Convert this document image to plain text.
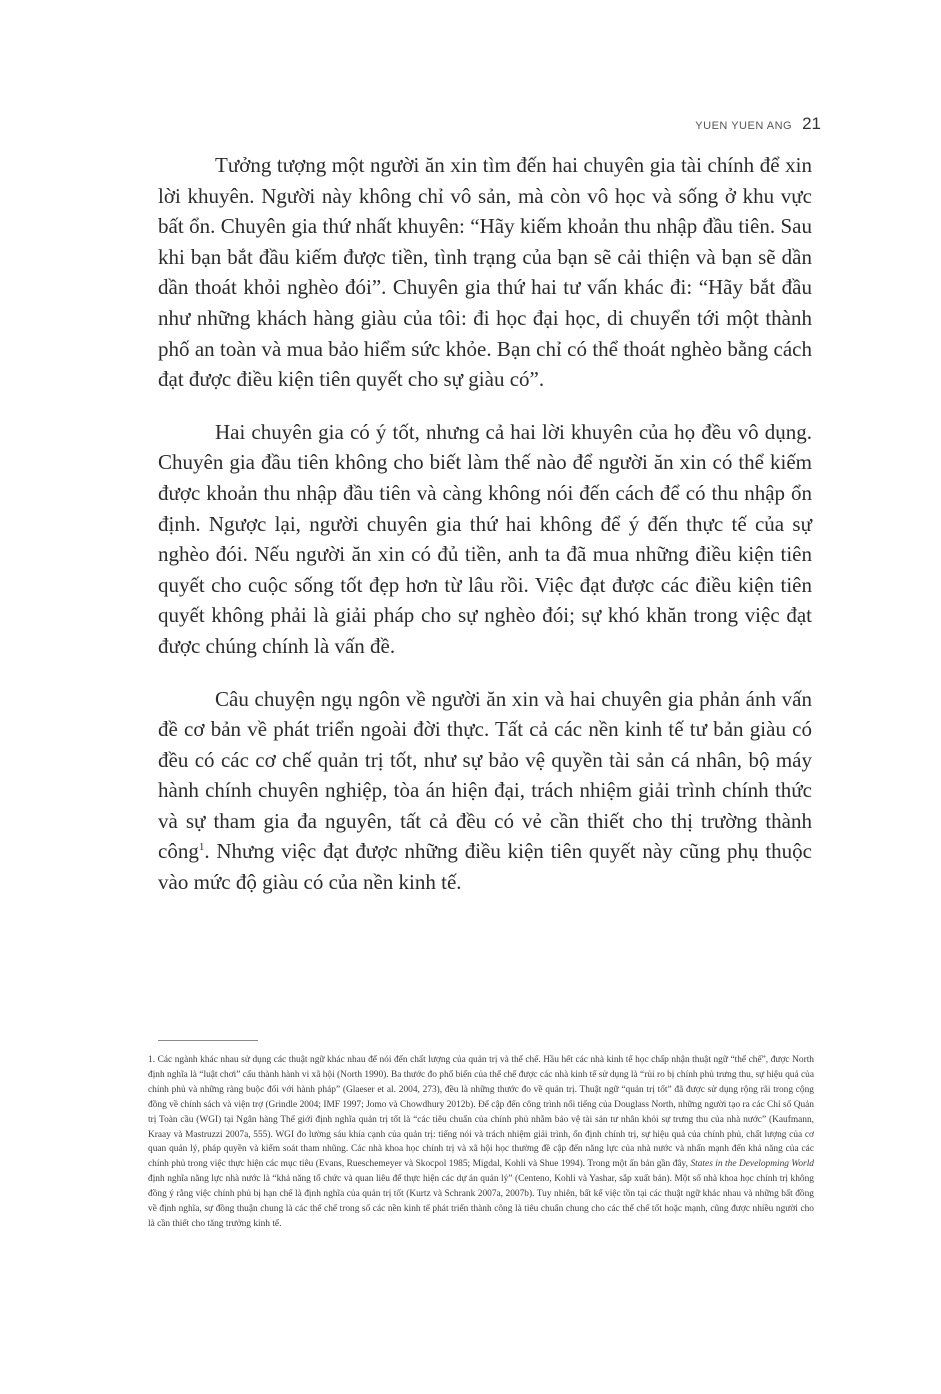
YUEN YUEN ANG 21

Tưởng tượng một người ăn xin tìm đến hai chuyên gia tài chính để xin lời khuyên. Người này không chỉ vô sản, mà còn vô học và sống ở khu vực bất ổn. Chuyên gia thứ nhất khuyên: “Hãy kiếm khoản thu nhập đầu tiên. Sau khi bạn bắt đầu kiếm được tiền, tình trạng của bạn sẽ cải thiện và bạn sẽ dần dần thoát khỏi nghèo đói”. Chuyên gia thứ hai tư vấn khác đi: “Hãy bắt đầu như những khách hàng giàu của tôi: đi học đại học, di chuyển tới một thành phố an toàn và mua bảo hiểm sức khỏe. Bạn chỉ có thể thoát nghèo bằng cách đạt được điều kiện tiên quyết cho sự giàu có”.

Hai chuyên gia có ý tốt, nhưng cả hai lời khuyên của họ đều vô dụng. Chuyên gia đầu tiên không cho biết làm thế nào để người ăn xin có thể kiếm được khoản thu nhập đầu tiên và càng không nói đến cách để có thu nhập ổn định. Ngược lại, người chuyên gia thứ hai không để ý đến thực tế của sự nghèo đói. Nếu người ăn xin có đủ tiền, anh ta đã mua những điều kiện tiên quyết cho cuộc sống tốt đẹp hơn từ lâu rồi. Việc đạt được các điều kiện tiên quyết không phải là giải pháp cho sự nghèo đói; sự khó khăn trong việc đạt được chúng chính là vấn đề.

Câu chuyện ngụ ngôn về người ăn xin và hai chuyên gia phản ánh vấn đề cơ bản về phát triển ngoài đời thực. Tất cả các nền kinh tế tư bản giàu có đều có các cơ chế quản trị tốt, như sự bảo vệ quyền tài sản cá nhân, bộ máy hành chính chuyên nghiệp, tòa án hiện đại, trách nhiệm giải trình chính thức và sự tham gia đa nguyên, tất cả đều có vẻ cần thiết cho thị trường thành công$^1$. Nhưng việc đạt được những điều kiện tiên quyết này cũng phụ thuộc vào mức độ giàu có của nền kinh tế.

1. Các ngành khác nhau sử dụng các thuật ngữ khác nhau để nói đến chất lượng của quản trị và thể chế. Hầu hết các nhà kinh tế học chấp nhận thuật ngữ “thể chế”, được North định nghĩa là “luật chơi” cấu thành hành vi xã hội (North 1990). Ba thước đo phổ biến của thể chế được các nhà kinh tế sử dụng là “rủi ro bị chính phủ trưng thu, sự hiệu quả của chính phủ và những ràng buộc đối với hành pháp” (Glaeser et al. 2004, 273), đều là những thước đo về quản trị. Thuật ngữ “quản trị tốt” đã được sử dụng rộng rãi trong cộng đồng về chính sách và viện trợ (Grindle 2004; IMF 1997; Jomo và Chowdhury 2012b). Để cập đến công trình nổi tiếng của Douglass North, những người tạo ra các Chỉ số Quản trị Toàn cầu (WGI) tại Ngân hàng Thế giới định nghĩa quản trị tốt là “các tiêu chuẩn của chính phủ nhằm bảo vệ tài sản tư nhân khỏi sự trưng thu của nhà nước” (Kaufmann, Kraay và Mastruzzi 2007a, 555). WGI đo lường sáu khía cạnh của quản trị: tiếng nói và trách nhiệm giải trình, ổn định chính trị, sự hiệu quả của chính phủ, chất lượng của cơ quan quản lý, pháp quyền và kiểm soát tham nhũng. Các nhà khoa học chính trị và xã hội học thường đề cập đến năng lực của nhà nước và nhấn mạnh đến khả năng của các chính phủ trong việc thực hiện các mục tiêu (Evans, Rueschemeyer và Skocpol 1985; Migdal, Kohli và Shue 1994). Trong một ấn bản gần đây, States in the Developming World định nghĩa năng lực nhà nước là “khả năng tổ chức và quan liêu để thực hiện các dự án quản lý” (Centeno, Kohli và Yashar, sắp xuất bản). Một số nhà khoa học chính trị không đồng ý rằng việc chính phủ bị hạn chế là định nghĩa của quản trị tốt (Kurtz và Schrank 2007a, 2007b). Tuy nhiên, bất kể việc tồn tại các thuật ngữ khác nhau và những bất đồng về định nghĩa, sự đồng thuận chung là các thể chế trong số các nền kinh tế phát triển thành công là tiêu chuẩn chung cho các thể chế tốt hoặc mạnh, cũng được nhiều người cho là cần thiết cho tăng trưởng kinh tế.
